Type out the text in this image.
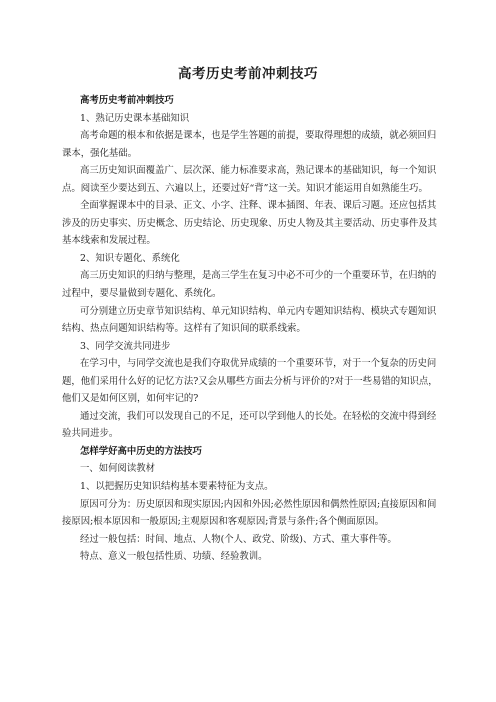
高考历史考前冲刺技巧

高考历史考前冲刺技巧

1、熟记历史课本基础知识

高考命题的根本和依据是课本，也是学生答题的前提，要取得理想的成绩，就必须回归课本，强化基础。

高三历史知识面覆盖广、层次深、能力标准要求高，熟记课本的基础知识，每一个知识点。阅读至少要达到五、六遍以上，还要过好“背”这一关。知识才能运用自如熟能生巧。

全面掌握课本中的目录、正文、小字、注释、课本插图、年表、课后习题。还应包括其涉及的历史事实、历史概念、历史结论、历史现象、历史人物及其主要活动、历史事件及其基本线索和发展过程。

2、知识专题化、系统化

高三历史知识的归纳与整理，是高三学生在复习中必不可少的一个重要环节，在归纳的过程中，要尽量做到专题化、系统化。

可分别建立历史章节知识结构、单元知识结构、单元内专题知识结构、模块式专题知识结构、热点问题知识结构等。这样有了知识间的联系线索。

3、同学交流共同进步

在学习中，与同学交流也是我们夺取优异成绩的一个重要环节，对于一个复杂的历史问题，他们采用什么好的记忆方法?又会从哪些方面去分析与评价的?对于一些易错的知识点，他们又是如何区别，如何牢记的?

通过交流，我们可以发现自己的不足，还可以学到他人的长处。在轻松的交流中得到经验共同进步。

怎样学好高中历史的方法技巧

一、如何阅读教材

1、以把握历史知识结构基本要素特征为支点。

原因可分为：历史原因和现实原因;内因和外因;必然性原因和偶然性原因;直接原因和间接原因;根本原因和一般原因;主观原因和客观原因;背景与条件;各个侧面原因。

经过一般包括：时间、地点、人物(个人、政党、阶级)、方式、重大事件等。

特点、意义一般包括性质、功绩、经验教训。
